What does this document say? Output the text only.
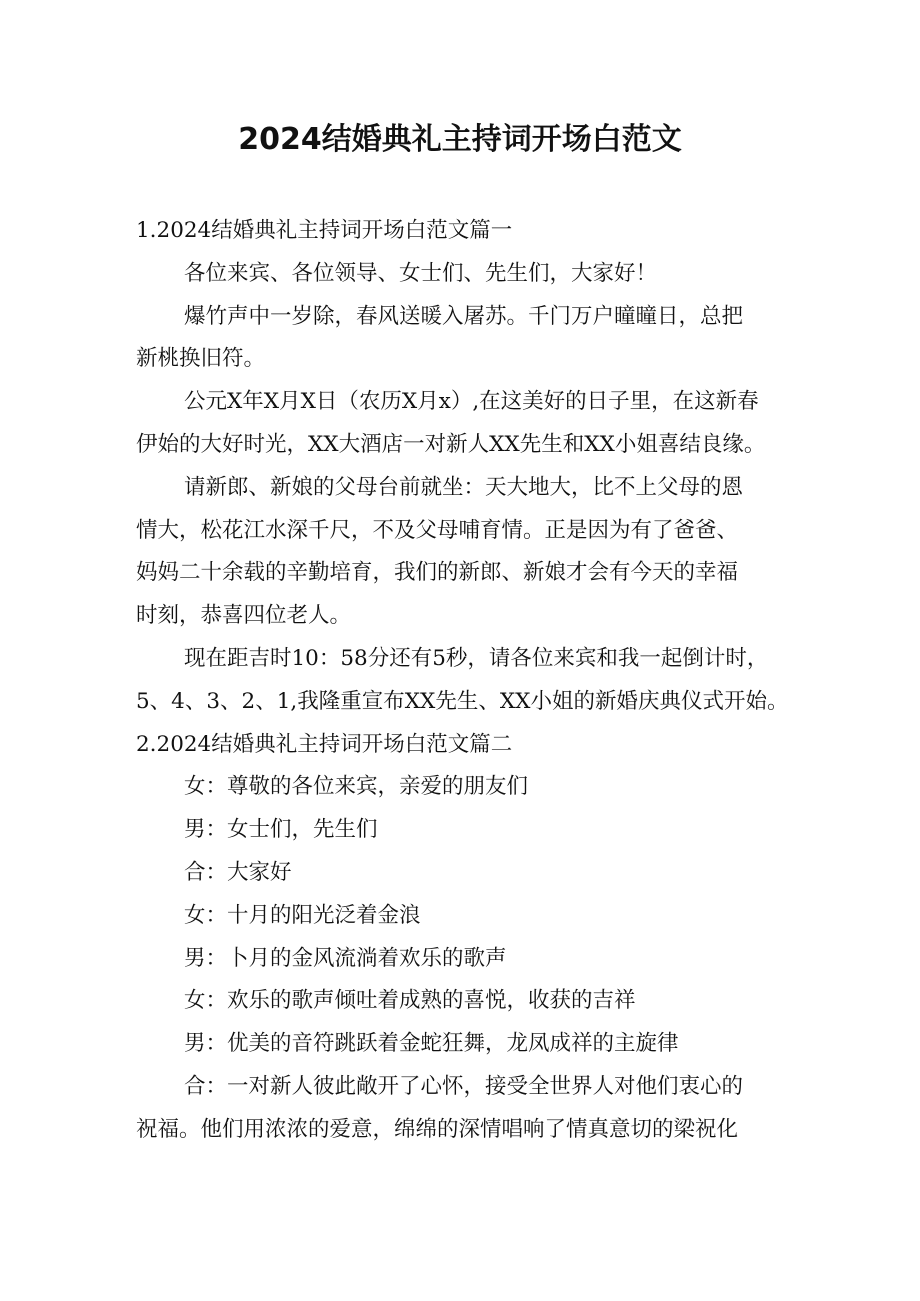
2024结婚典礼主持词开场白范文
1.2024结婚典礼主持词开场白范文篇一
各位来宾、各位领导、女士们、先生们，大家好！
爆竹声中一岁除，春风送暖入屠苏。千门万户曈曈日，总把
新桃换旧符。
公元X年X月X日（农历X月x）,在这美好的日子里，在这新春
伊始的大好时光，XX大酒店一对新人XX先生和XX小姐喜结良缘。
请新郎、新娘的父母台前就坐：天大地大，比不上父母的恩
情大，松花江水深千尺，不及父母哺育情。正是因为有了爸爸、
妈妈二十余载的辛勤培育，我们的新郎、新娘才会有今天的幸福
时刻，恭喜四位老人。
现在距吉时10：58分还有5秒，请各位来宾和我一起倒计时，
5、4、3、2、1,我隆重宣布XX先生、XX小姐的新婚庆典仪式开始。
2.2024结婚典礼主持词开场白范文篇二
女：尊敬的各位来宾，亲爱的朋友们
男：女士们，先生们
合：大家好
女：十月的阳光泛着金浪
男：卜月的金风流淌着欢乐的歌声
女：欢乐的歌声倾吐着成熟的喜悦，收获的吉祥
男：优美的音符跳跃着金蛇狂舞，龙凤成祥的主旋律
合：一对新人彼此敞开了心怀，接受全世界人对他们衷心的
祝福。他们用浓浓的爱意，绵绵的深情唱响了情真意切的梁祝化
